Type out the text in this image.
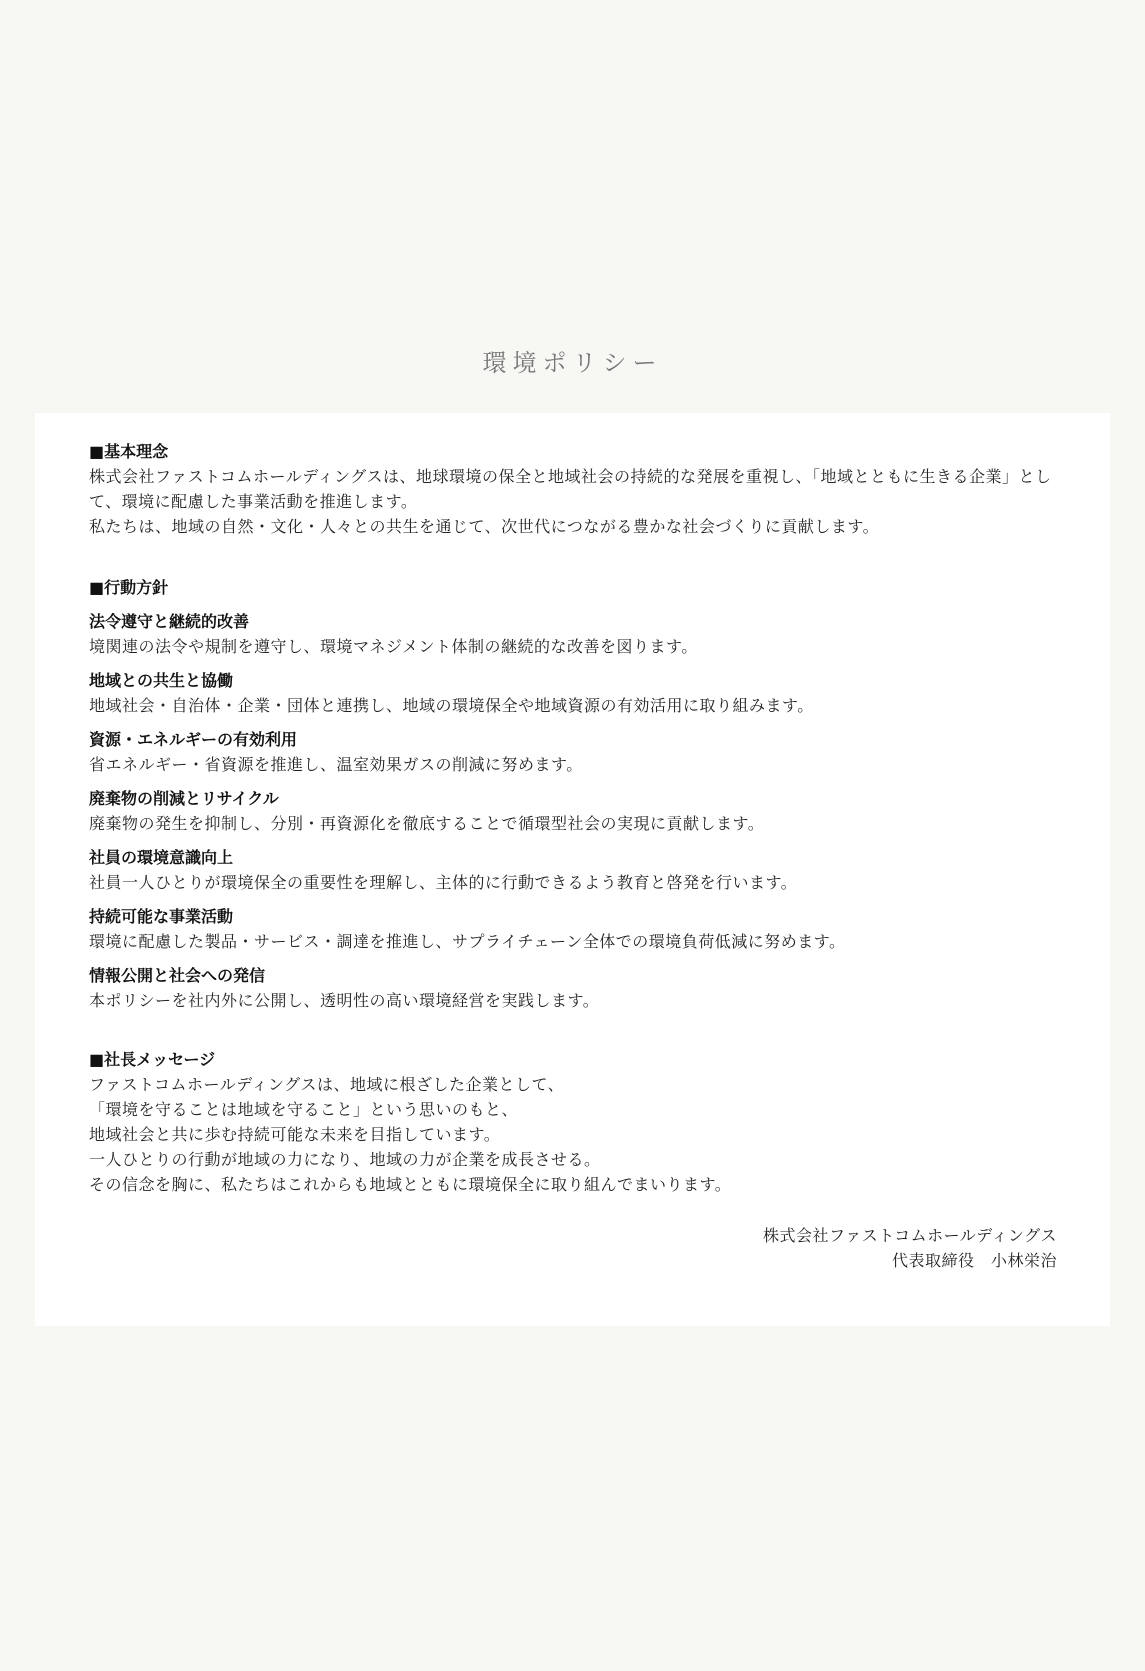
環境ポリシー

■基本理念

株式会社ファストコムホールディングスは、地球環境の保全と地域社会の持続的な発展を重視し、「地域とともに生きる企業」として、環境に配慮した事業活動を推進します。

私たちは、地域の自然・文化・人々との共生を通じて、次世代につながる豊かな社会づくりに貢献します。

■行動方針

法令遵守と継続的改善

境関連の法令や規制を遵守し、環境マネジメント体制の継続的な改善を図ります。

地域との共生と協働

地域社会・自治体・企業・団体と連携し、地域の環境保全や地域資源の有効活用に取り組みます。

資源・エネルギーの有効利用

省エネルギー・省資源を推進し、温室効果ガスの削減に努めます。

廃棄物の削減とリサイクル

廃棄物の発生を抑制し、分別・再資源化を徹底することで循環型社会の実現に貢献します。

社員の環境意識向上

社員一人ひとりが環境保全の重要性を理解し、主体的に行動できるよう教育と啓発を行います。

持続可能な事業活動

環境に配慮した製品・サービス・調達を推進し、サプライチェーン全体での環境負荷低減に努めます。

情報公開と社会への発信

本ポリシーを社内外に公開し、透明性の高い環境経営を実践します。

■社長メッセージ

ファストコムホールディングスは、地域に根ざした企業として、

「環境を守ることは地域を守ること」という思いのもと、

地域社会と共に歩む持続可能な未来を目指しています。

一人ひとりの行動が地域の力になり、地域の力が企業を成長させる。

その信念を胸に、私たちはこれからも地域とともに環境保全に取り組んでまいります。

株式会社ファストコムホールディングス
代表取締役　小林栄治
